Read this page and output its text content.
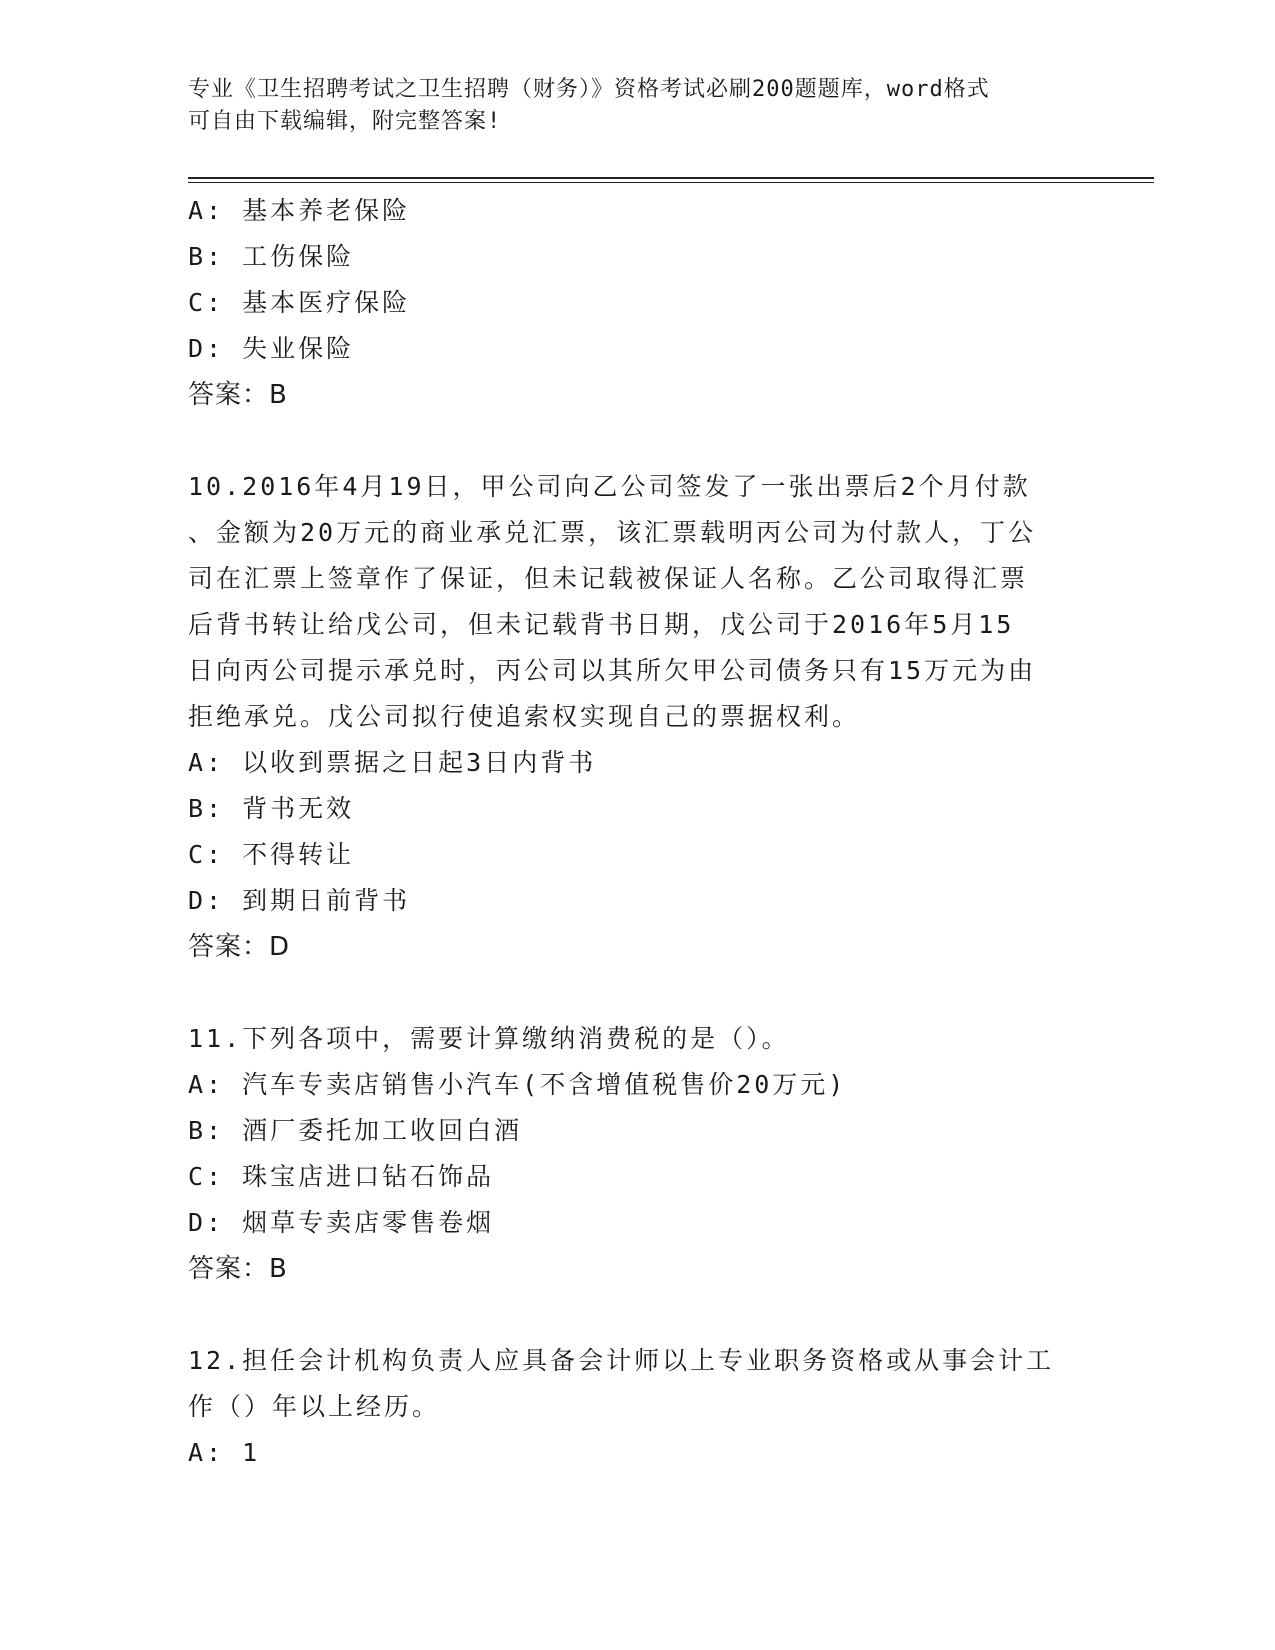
专业《卫生招聘考试之卫生招聘（财务）》资格考试必刷200题题库，word格式
可自由下载编辑，附完整答案!
A: 基本养老保险
B: 工伤保险
C: 基本医疗保险
D: 失业保险
答案：B
10.2016年4月19日，甲公司向乙公司签发了一张出票后2个月付款
、金额为20万元的商业承兑汇票，该汇票载明丙公司为付款人，丁公
司在汇票上签章作了保证，但未记载被保证人名称。乙公司取得汇票
后背书转让给戊公司，但未记载背书日期，戊公司于2016年5月15
日向丙公司提示承兑时，丙公司以其所欠甲公司债务只有15万元为由
拒绝承兑。戊公司拟行使追索权实现自己的票据权利。
A: 以收到票据之日起3日内背书
B: 背书无效
C: 不得转让
D: 到期日前背书
答案：D
11.下列各项中，需要计算缴纳消费税的是（）。
A: 汽车专卖店销售小汽车(不含增值税售价20万元)
B: 酒厂委托加工收回白酒
C: 珠宝店进口钻石饰品
D: 烟草专卖店零售卷烟
答案：B
12.担任会计机构负责人应具备会计师以上专业职务资格或从事会计工
作（）年以上经历。
A: 1
